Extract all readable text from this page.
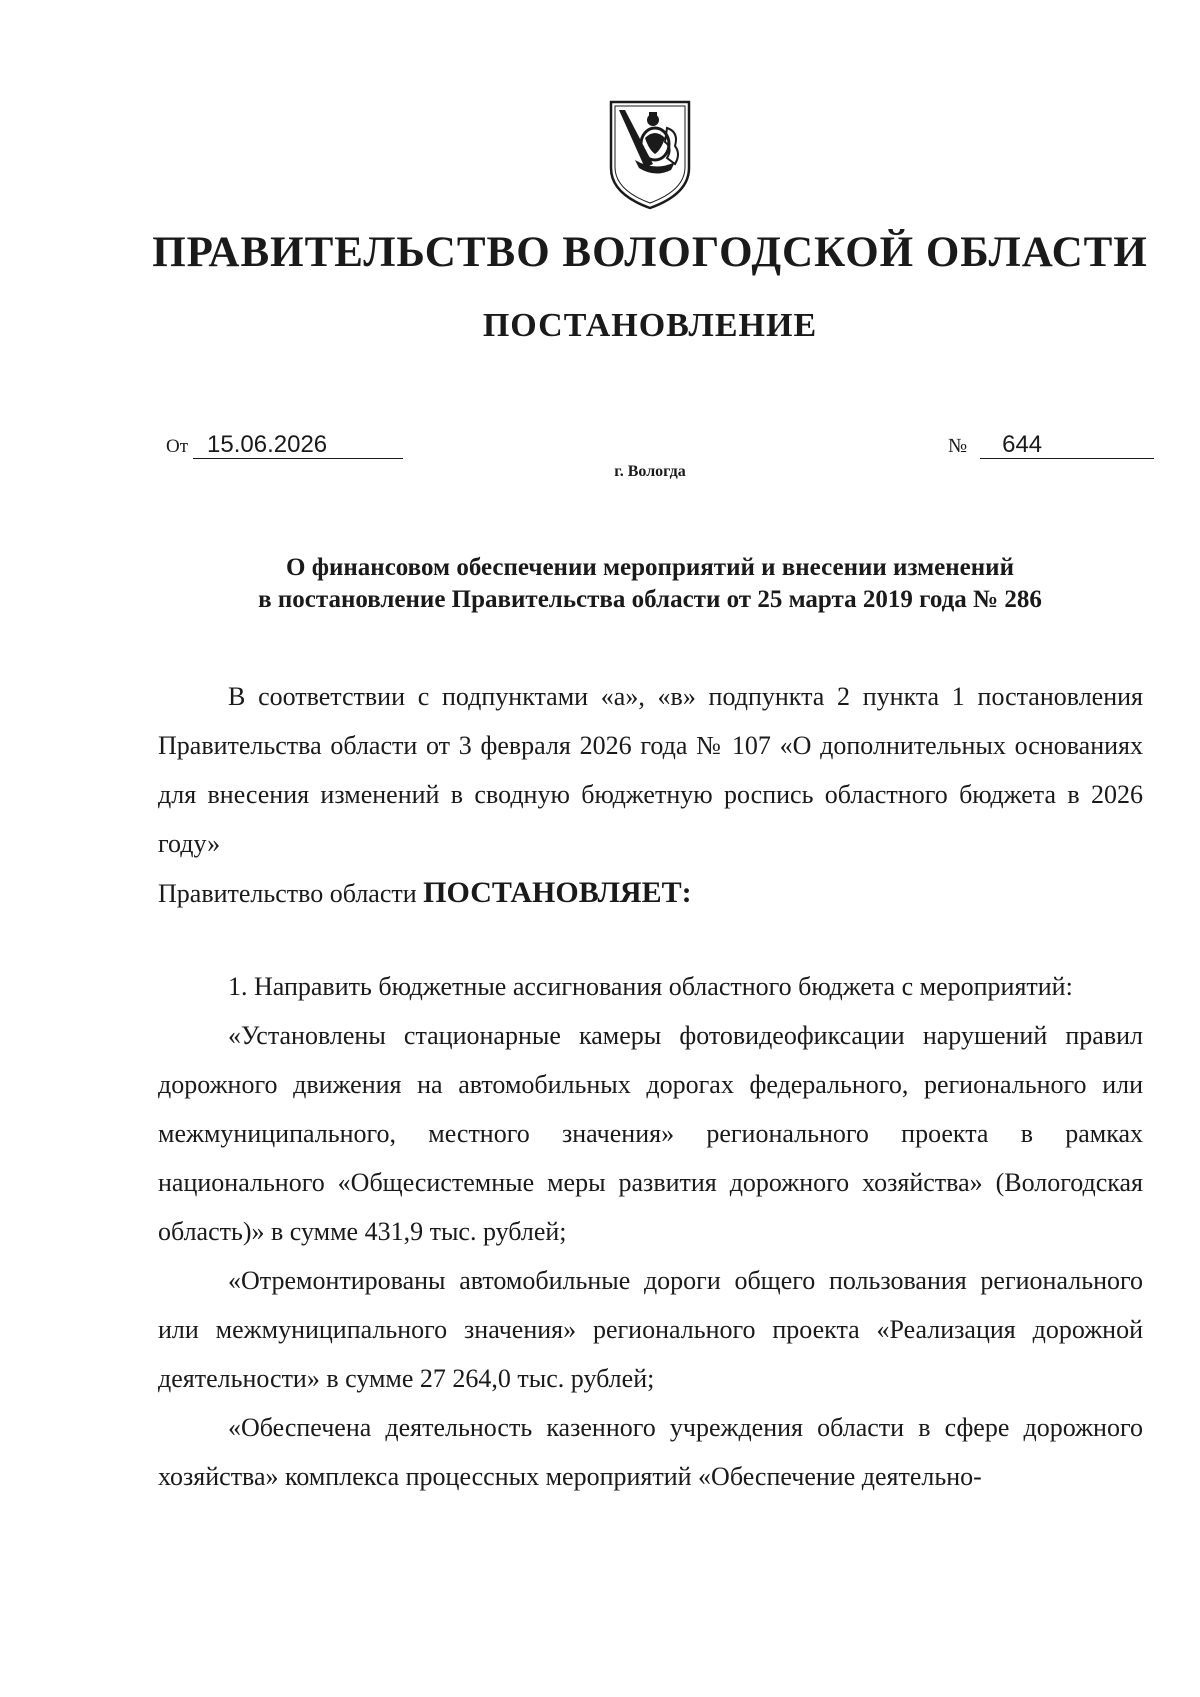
ПРАВИТЕЛЬСТВО ВОЛОГОДСКОЙ ОБЛАСТИ
ПОСТАНОВЛЕНИЕ
От 15.06.2026	№ 644
г. Вологда
О финансовом обеспечении мероприятий и внесении изменений
в постановление Правительства области от 25 марта 2019 года № 286

В соответствии с подпунктами «а», «в» подпункта 2 пункта 1 постановления Правительства области от 3 февраля 2026 года № 107 «О дополнительных основаниях для внесения изменений в сводную бюджетную роспись областного бюджета в 2026 году»

Правительство области ПОСТАНОВЛЯЕТ:

1. Направить бюджетные ассигнования областного бюджета с мероприятий:

«Установлены стационарные камеры фотовидеофиксации нарушений правил дорожного движения на автомобильных дорогах федерального, регионального или межмуниципального, местного значения» регионального проекта в рамках национального «Общесистемные меры развития дорожного хозяйства» (Вологодская область)» в сумме 431,9 тыс. рублей;

«Отремонтированы автомобильные дороги общего пользования регионального или межмуниципального значения» регионального проекта «Реализация дорожной деятельности» в сумме 27 264,0 тыс. рублей;

«Обеспечена деятельность казенного учреждения области в сфере дорожного хозяйства» комплекса процессных мероприятий «Обеспечение деятельно-
